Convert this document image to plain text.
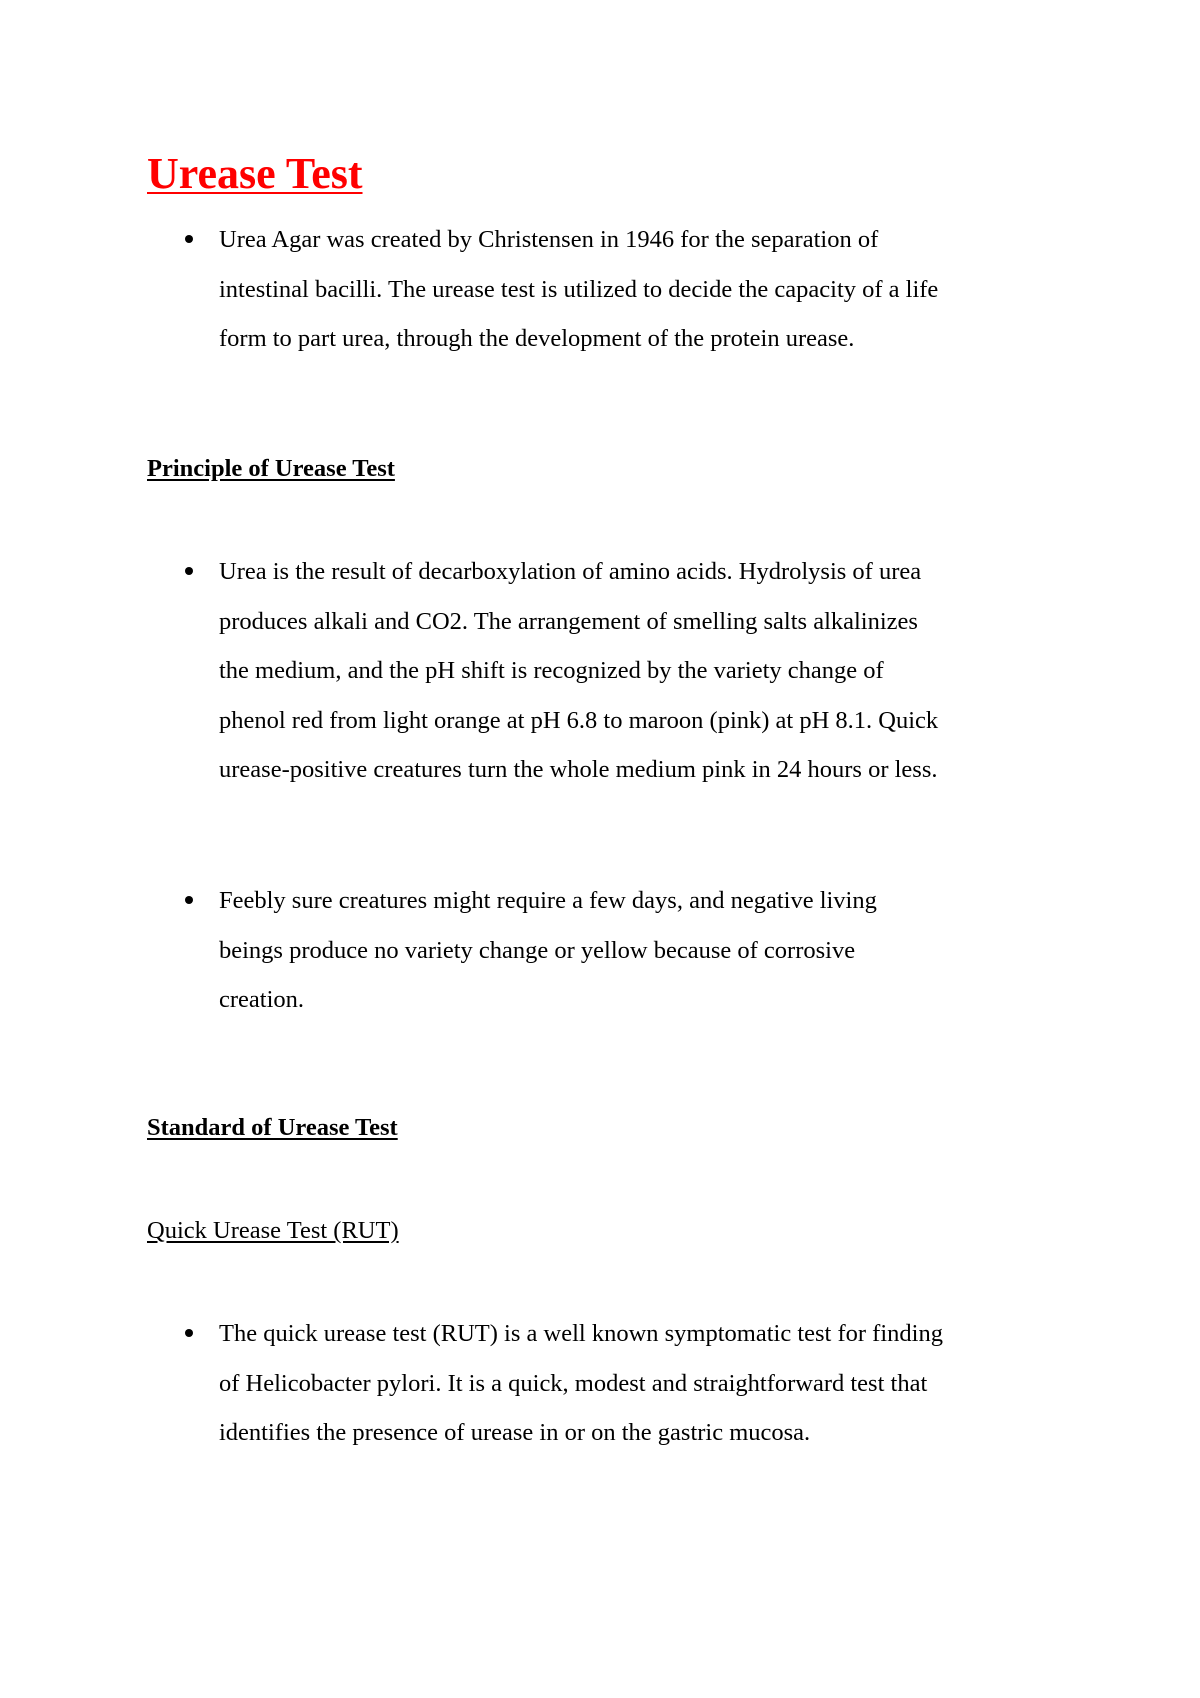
Urease Test
Urea Agar was created by Christensen in 1946 for the separation of
intestinal bacilli. The urease test is utilized to decide the capacity of a life
form to part urea, through the development of the protein urease.
Principle of Urease Test
Urea is the result of decarboxylation of amino acids. Hydrolysis of urea
produces alkali and CO2. The arrangement of smelling salts alkalinizes
the medium, and the pH shift is recognized by the variety change of
phenol red from light orange at pH 6.8 to maroon (pink) at pH 8.1. Quick
urease-positive creatures turn the whole medium pink in 24 hours or less.
Feebly sure creatures might require a few days, and negative living
beings produce no variety change or yellow because of corrosive
creation.
Standard of Urease Test
Quick Urease Test (RUT)
The quick urease test (RUT) is a well known symptomatic test for finding
of Helicobacter pylori. It is a quick, modest and straightforward test that
identifies the presence of urease in or on the gastric mucosa.
